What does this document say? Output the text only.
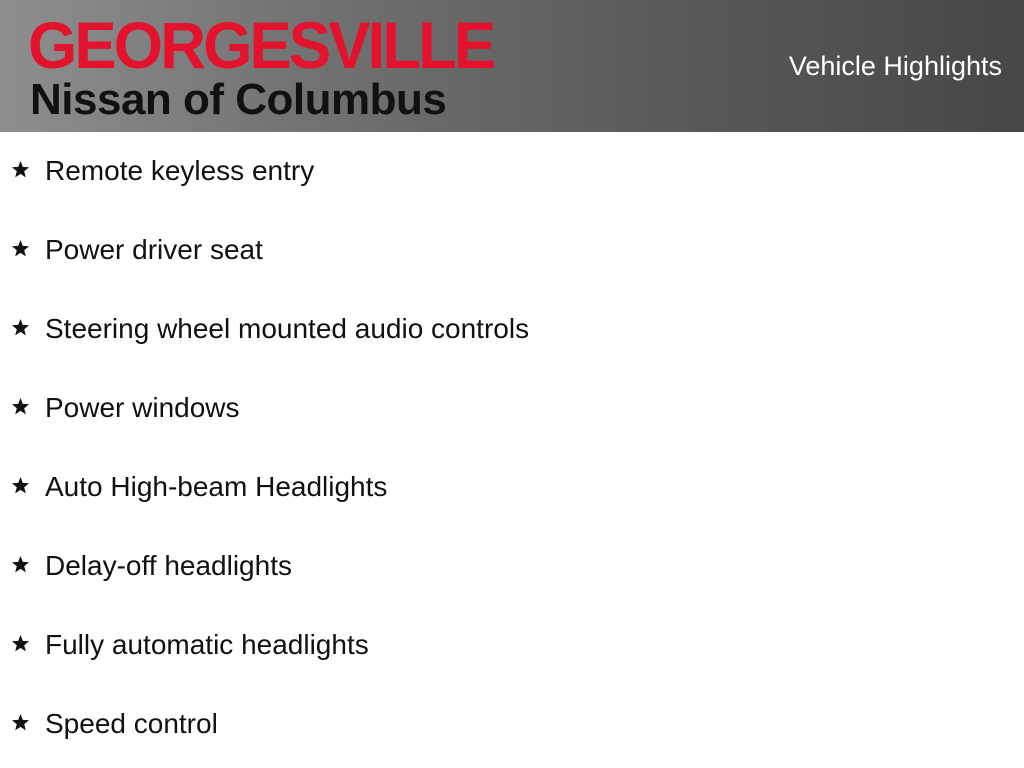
GEORGESVILLE
Nissan of Columbus
Vehicle Highlights
Remote keyless entry
Power driver seat
Steering wheel mounted audio controls
Power windows
Auto High-beam Headlights
Delay-off headlights
Fully automatic headlights
Speed control
